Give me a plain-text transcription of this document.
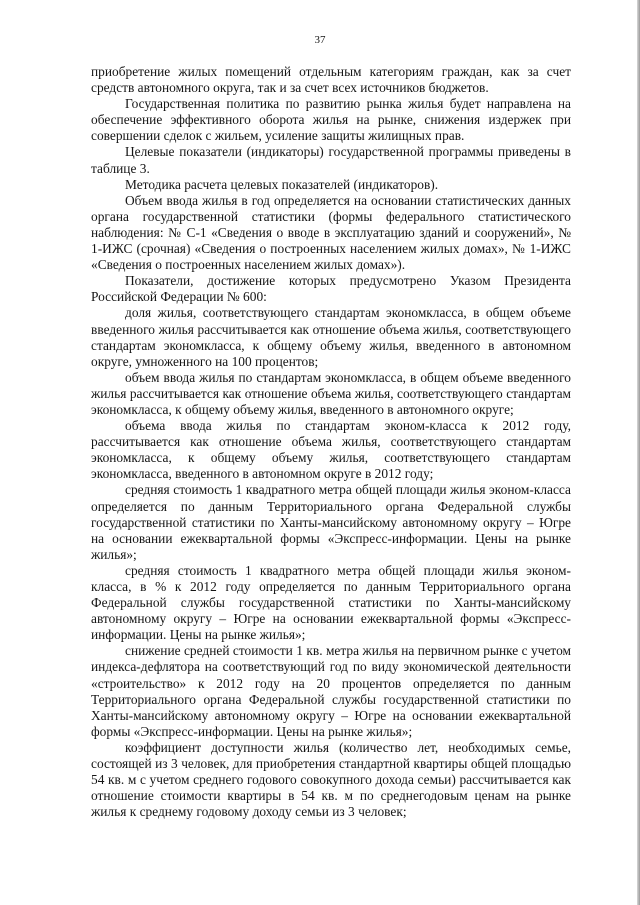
37

приобретение жилых помещений отдельным категориям граждан, как за счет средств автономного округа, так и за счет всех источников бюджетов.

Государственная политика по развитию рынка жилья будет направлена на обеспечение эффективного оборота жилья на рынке, снижения издержек при совершении сделок с жильем, усиление защиты жилищных прав.

Целевые показатели (индикаторы) государственной программы приведены в таблице 3.

Методика расчета целевых показателей (индикаторов).

Объем ввода жилья в год определяется на основании статистических данных органа государственной статистики (формы федерального статистического наблюдения: № С-1 «Сведения о вводе в эксплуатацию зданий и сооружений», № 1-ИЖС (срочная) «Сведения о построенных населением жилых домах», № 1-ИЖС «Сведения о построенных населением жилых домах»).

Показатели, достижение которых предусмотрено Указом Президента Российской Федерации № 600:

доля жилья, соответствующего стандартам экономкласса, в общем объеме введенного жилья рассчитывается как отношение объема жилья, соответствующего стандартам экономкласса, к общему объему жилья, введенного в автономном округе, умноженного на 100 процентов;

объем ввода жилья по стандартам экономкласса, в общем объеме введенного жилья рассчитывается как отношение объема жилья, соответствующего стандартам экономкласса, к общему объему жилья, введенного в автономного округе;

объема ввода жилья по стандартам эконом-класса к 2012 году, рассчитывается как отношение объема жилья, соответствующего стандартам экономкласса, к общему объему жилья, соответствующего стандартам экономкласса, введенного в автономном округе в 2012 году;

средняя стоимость 1 квадратного метра общей площади жилья эконом-класса определяется по данным Территориального органа Федеральной службы государственной статистики по Ханты-мансийскому автономному округу – Югре на основании ежеквартальной формы «Экспресс-информации. Цены на рынке жилья»;

средняя стоимость 1 квадратного метра общей площади жилья эконом-класса, в % к 2012 году определяется по данным Территориального органа Федеральной службы государственной статистики по Ханты-мансийскому автономному округу – Югре на основании ежеквартальной формы «Экспресс-информации. Цены на рынке жилья»;

снижение средней стоимости 1 кв. метра жилья на первичном рынке с учетом индекса-дефлятора на соответствующий год по виду экономической деятельности «строительство» к 2012 году на 20 процентов определяется по данным Территориального органа Федеральной службы государственной статистики по Ханты-мансийскому автономному округу – Югре на основании ежеквартальной формы «Экспресс-информации. Цены на рынке жилья»;

коэффициент доступности жилья (количество лет, необходимых семье, состоящей из 3 человек, для приобретения стандартной квартиры общей площадью 54 кв. м с учетом среднего годового совокупного дохода семьи) рассчитывается как отношение стоимости квартиры в 54 кв. м по среднегодовым ценам на рынке жилья к среднему годовому доходу семьи из 3 человек;
